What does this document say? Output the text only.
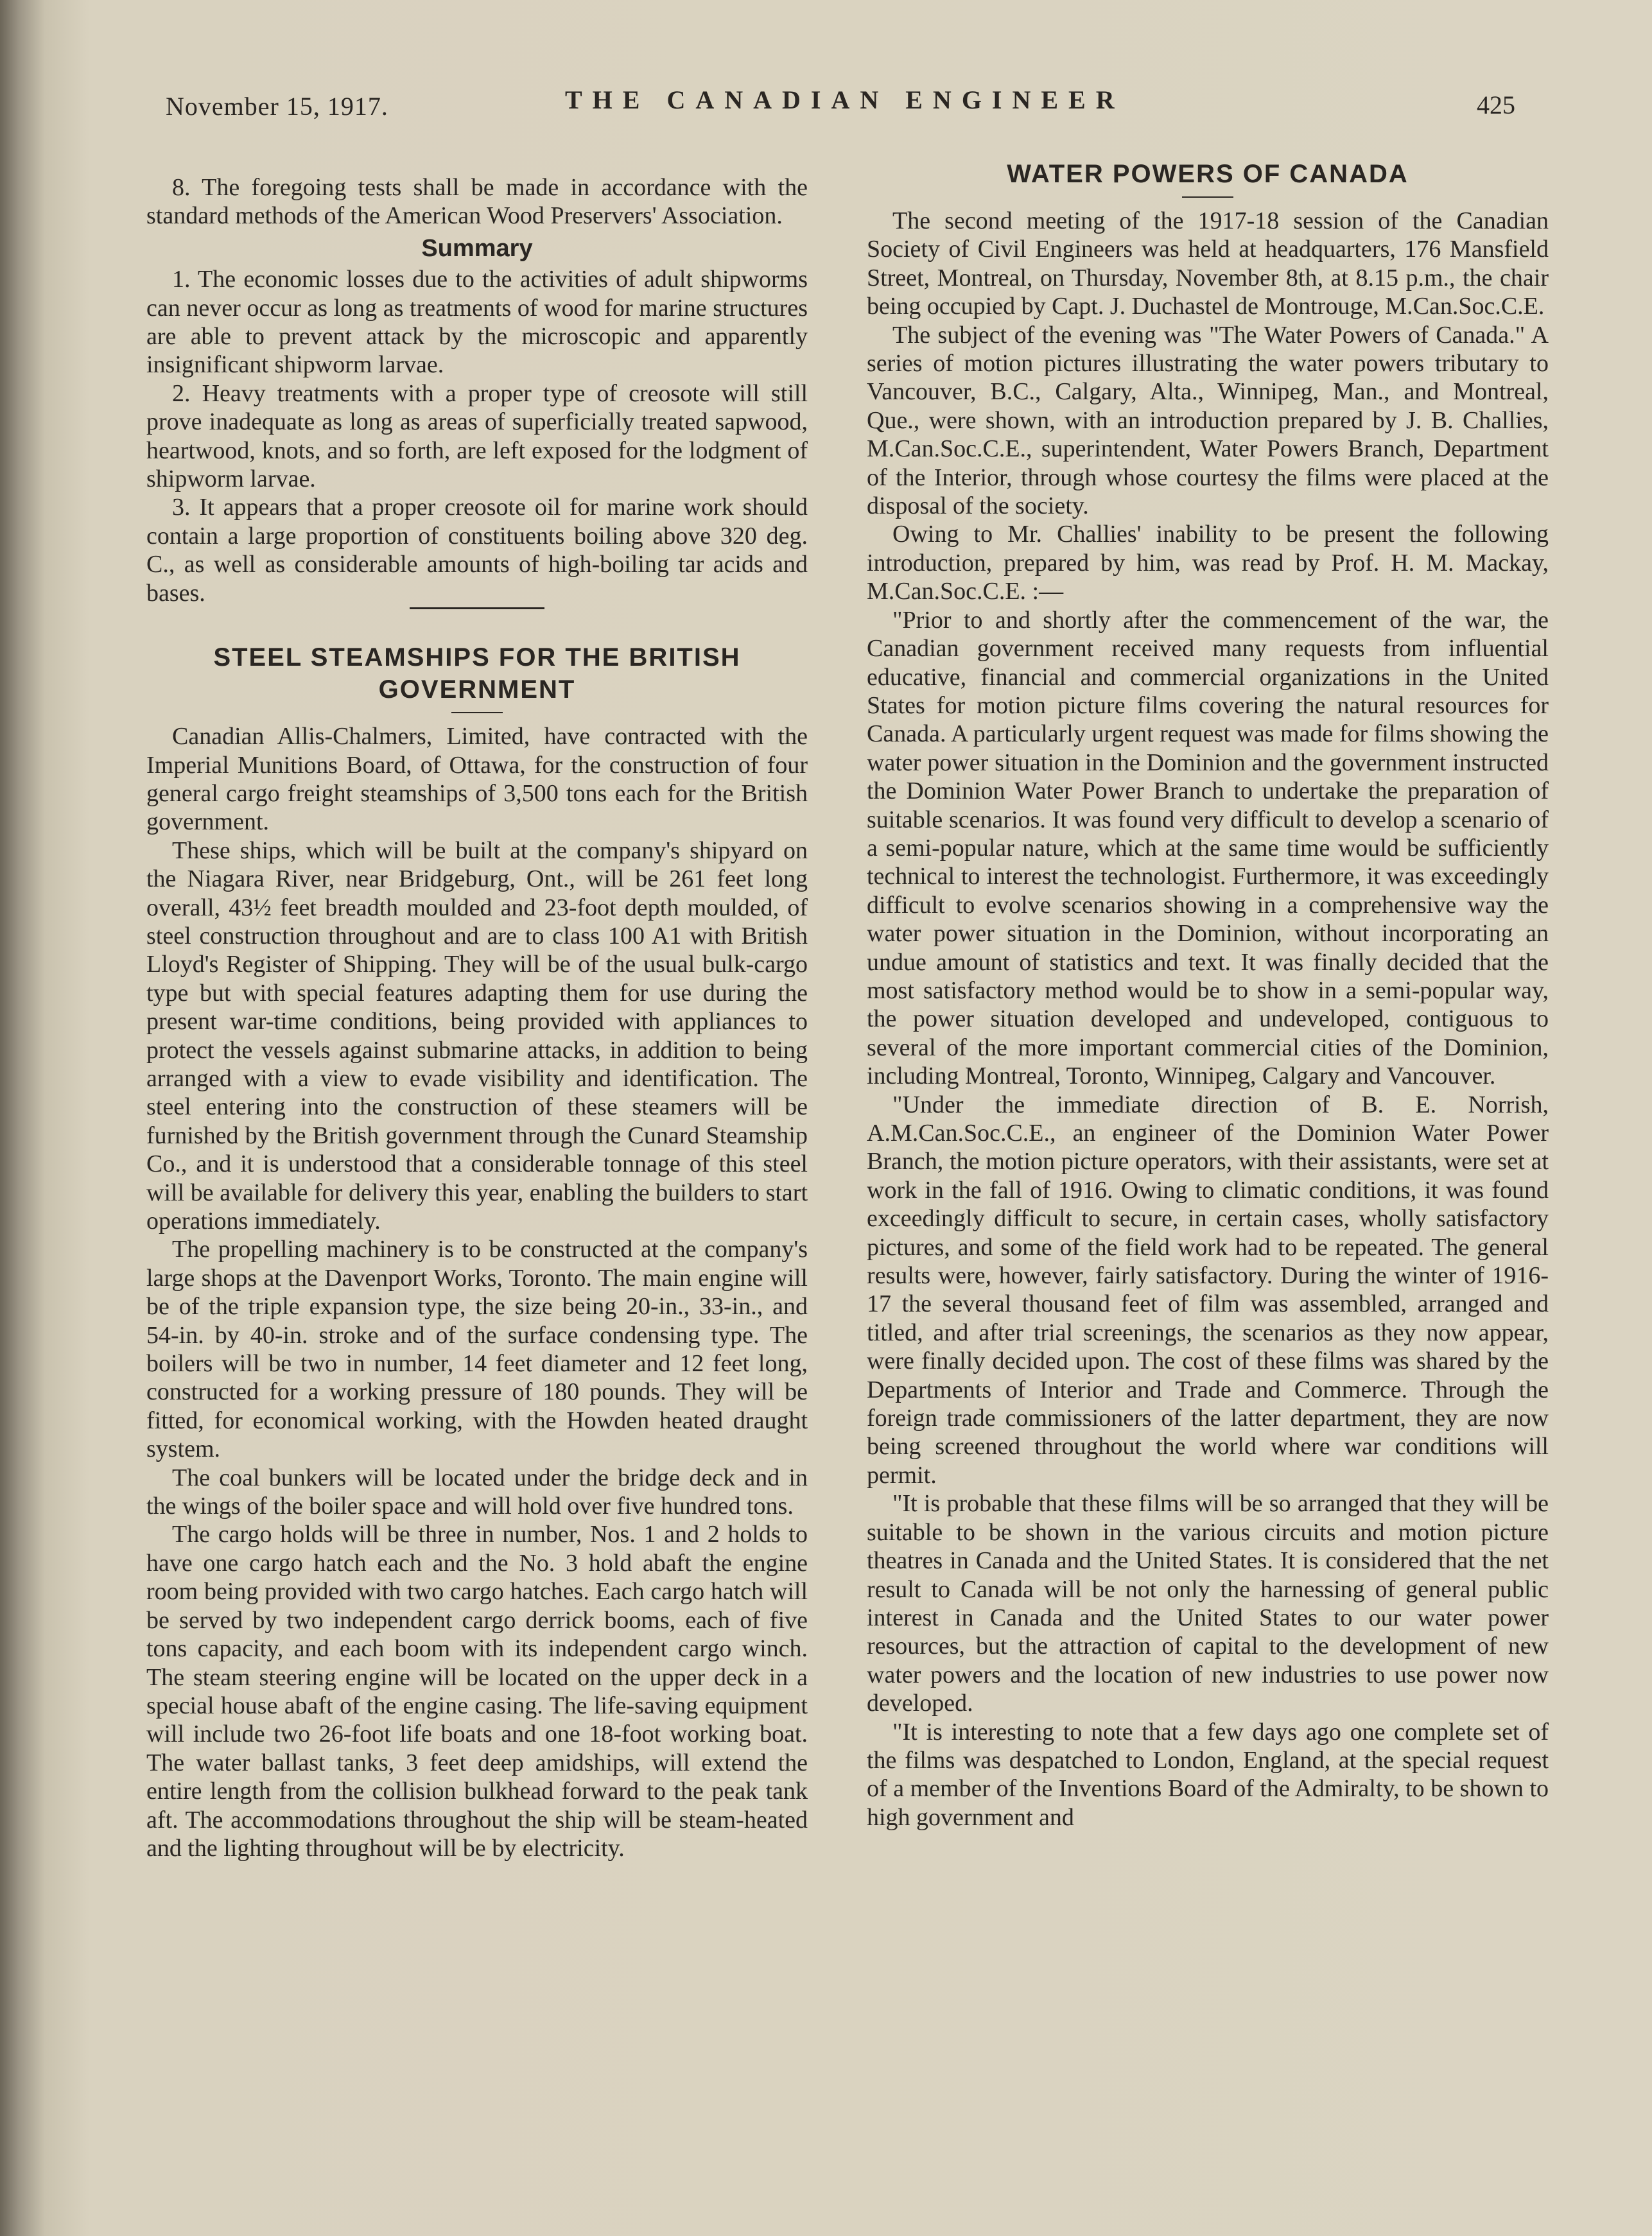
November 15, 1917.	THE CANADIAN ENGINEER	425

8. The foregoing tests shall be made in accordance with the standard methods of the American Wood Preservers' Association.

Summary

1. The economic losses due to the activities of adult shipworms can never occur as long as treatments of wood for marine structures are able to prevent attack by the microscopic and apparently insignificant shipworm larvae.

2. Heavy treatments with a proper type of creosote will still prove inadequate as long as areas of superficially treated sapwood, heartwood, knots, and so forth, are left exposed for the lodgment of shipworm larvae.

3. It appears that a proper creosote oil for marine work should contain a large proportion of constituents boiling above 320 deg. C., as well as considerable amounts of high-boiling tar acids and bases.

STEEL STEAMSHIPS FOR THE BRITISH GOVERNMENT

Canadian Allis-Chalmers, Limited, have contracted with the Imperial Munitions Board, of Ottawa, for the construction of four general cargo freight steamships of 3,500 tons each for the British government.

These ships, which will be built at the company's shipyard on the Niagara River, near Bridgeburg, Ont., will be 261 feet long overall, 43½ feet breadth moulded and 23-foot depth moulded, of steel construction throughout and are to class 100 A1 with British Lloyd's Register of Shipping. They will be of the usual bulk-cargo type but with special features adapting them for use during the present war-time conditions, being provided with appliances to protect the vessels against submarine attacks, in addition to being arranged with a view to evade visibility and identification. The steel entering into the construction of these steamers will be furnished by the British government through the Cunard Steamship Co., and it is understood that a considerable tonnage of this steel will be available for delivery this year, enabling the builders to start operations immediately.

The propelling machinery is to be constructed at the company's large shops at the Davenport Works, Toronto. The main engine will be of the triple expansion type, the size being 20-in., 33-in., and 54-in. by 40-in. stroke and of the surface condensing type. The boilers will be two in number, 14 feet diameter and 12 feet long, constructed for a working pressure of 180 pounds. They will be fitted, for economical working, with the Howden heated draught system.

The coal bunkers will be located under the bridge deck and in the wings of the boiler space and will hold over five hundred tons.

The cargo holds will be three in number, Nos. 1 and 2 holds to have one cargo hatch each and the No. 3 hold abaft the engine room being provided with two cargo hatches. Each cargo hatch will be served by two independent cargo derrick booms, each of five tons capacity, and each boom with its independent cargo winch. The steam steering engine will be located on the upper deck in a special house abaft of the engine casing. The life-saving equipment will include two 26-foot life boats and one 18-foot working boat. The water ballast tanks, 3 feet deep amidships, will extend the entire length from the collision bulkhead forward to the peak tank aft. The accommodations throughout the ship will be steam-heated and the lighting throughout will be by electricity.

WATER POWERS OF CANADA

The second meeting of the 1917-18 session of the Canadian Society of Civil Engineers was held at headquarters, 176 Mansfield Street, Montreal, on Thursday, November 8th, at 8.15 p.m., the chair being occupied by Capt. J. Duchastel de Montrouge, M.Can.Soc.C.E.

The subject of the evening was "The Water Powers of Canada." A series of motion pictures illustrating the water powers tributary to Vancouver, B.C., Calgary, Alta., Winnipeg, Man., and Montreal, Que., were shown, with an introduction prepared by J. B. Challies, M.Can.Soc.C.E., superintendent, Water Powers Branch, Department of the Interior, through whose courtesy the films were placed at the disposal of the society.

Owing to Mr. Challies' inability to be present the following introduction, prepared by him, was read by Prof. H. M. Mackay, M.Can.Soc.C.E. :—

"Prior to and shortly after the commencement of the war, the Canadian government received many requests from influential educative, financial and commercial organizations in the United States for motion picture films covering the natural resources for Canada. A particularly urgent request was made for films showing the water power situation in the Dominion and the government instructed the Dominion Water Power Branch to undertake the preparation of suitable scenarios. It was found very difficult to develop a scenario of a semi-popular nature, which at the same time would be sufficiently technical to interest the technologist. Furthermore, it was exceedingly difficult to evolve scenarios showing in a comprehensive way the water power situation in the Dominion, without incorporating an undue amount of statistics and text. It was finally decided that the most satisfactory method would be to show in a semi-popular way, the power situation developed and undeveloped, contiguous to several of the more important commercial cities of the Dominion, including Montreal, Toronto, Winnipeg, Calgary and Vancouver.

"Under the immediate direction of B. E. Norrish, A.M.Can.Soc.C.E., an engineer of the Dominion Water Power Branch, the motion picture operators, with their assistants, were set at work in the fall of 1916. Owing to climatic conditions, it was found exceedingly difficult to secure, in certain cases, wholly satisfactory pictures, and some of the field work had to be repeated. The general results were, however, fairly satisfactory. During the winter of 1916-17 the several thousand feet of film was assembled, arranged and titled, and after trial screenings, the scenarios as they now appear, were finally decided upon. The cost of these films was shared by the Departments of Interior and Trade and Commerce. Through the foreign trade commissioners of the latter department, they are now being screened throughout the world where war conditions will permit.

"It is probable that these films will be so arranged that they will be suitable to be shown in the various circuits and motion picture theatres in Canada and the United States. It is considered that the net result to Canada will be not only the harnessing of general public interest in Canada and the United States to our water power resources, but the attraction of capital to the development of new water powers and the location of new industries to use power now developed.

"It is interesting to note that a few days ago one complete set of the films was despatched to London, England, at the special request of a member of the Inventions Board of the Admiralty, to be shown to high government and
